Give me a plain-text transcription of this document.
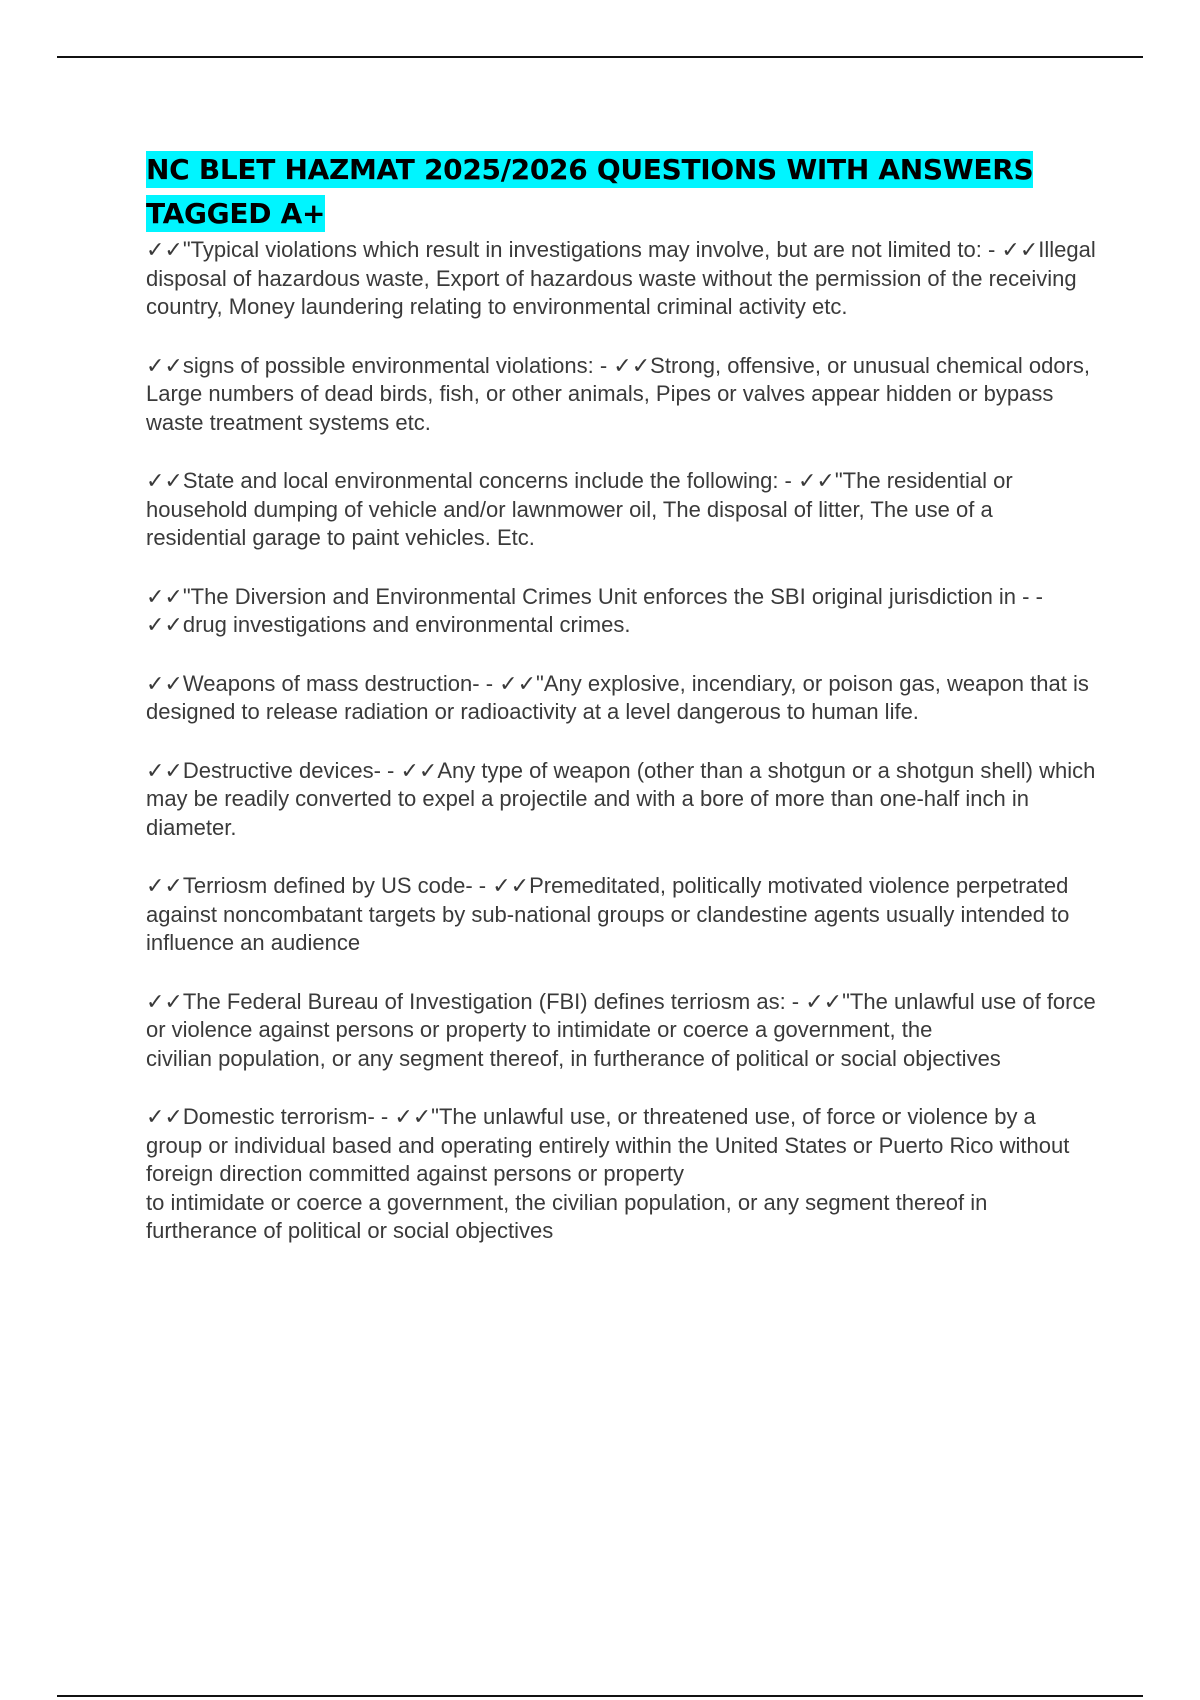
NC BLET HAZMAT 2025/2026 QUESTIONS WITH ANSWERS TAGGED A+
✓✓"Typical violations which result in investigations may involve, but are not limited to: - ✓✓Illegal disposal of hazardous waste, Export of hazardous waste without the permission of the receiving country, Money laundering relating to environmental criminal activity etc.
✓✓signs of possible environmental violations: - ✓✓Strong, offensive, or unusual chemical odors, Large numbers of dead birds, fish, or other animals, Pipes or valves appear hidden or bypass waste treatment systems etc.
✓✓State and local environmental concerns include the following: - ✓✓"The residential or household dumping of vehicle and/or lawnmower oil, The disposal of litter, The use of a residential garage to paint vehicles. Etc.
✓✓"The Diversion and Environmental Crimes Unit enforces the SBI original jurisdiction in - - ✓✓drug investigations and environmental crimes.
✓✓Weapons of mass destruction- - ✓✓"Any explosive, incendiary, or poison gas, weapon that is designed to release radiation or radioactivity at a level dangerous to human life.
✓✓Destructive devices- - ✓✓Any type of weapon (other than a shotgun or a shotgun shell) which may be readily converted to expel a projectile and with a bore of more than one-half inch in diameter.
✓✓Terriosm defined by US code- - ✓✓Premeditated, politically motivated violence perpetrated
against noncombatant targets by sub-national groups or clandestine agents usually intended to influence an audience
✓✓The Federal Bureau of Investigation (FBI) defines terriosm as: - ✓✓"The unlawful use of force or violence against persons or property to intimidate or coerce a government, the
civilian population, or any segment thereof, in furtherance of political or social objectives
✓✓Domestic terrorism- - ✓✓"The unlawful use, or threatened use, of force or violence by a group or individual based and operating entirely within the United States or Puerto Rico without foreign direction committed against persons or property
to intimidate or coerce a government, the civilian population, or any segment thereof in furtherance of political or social objectives
